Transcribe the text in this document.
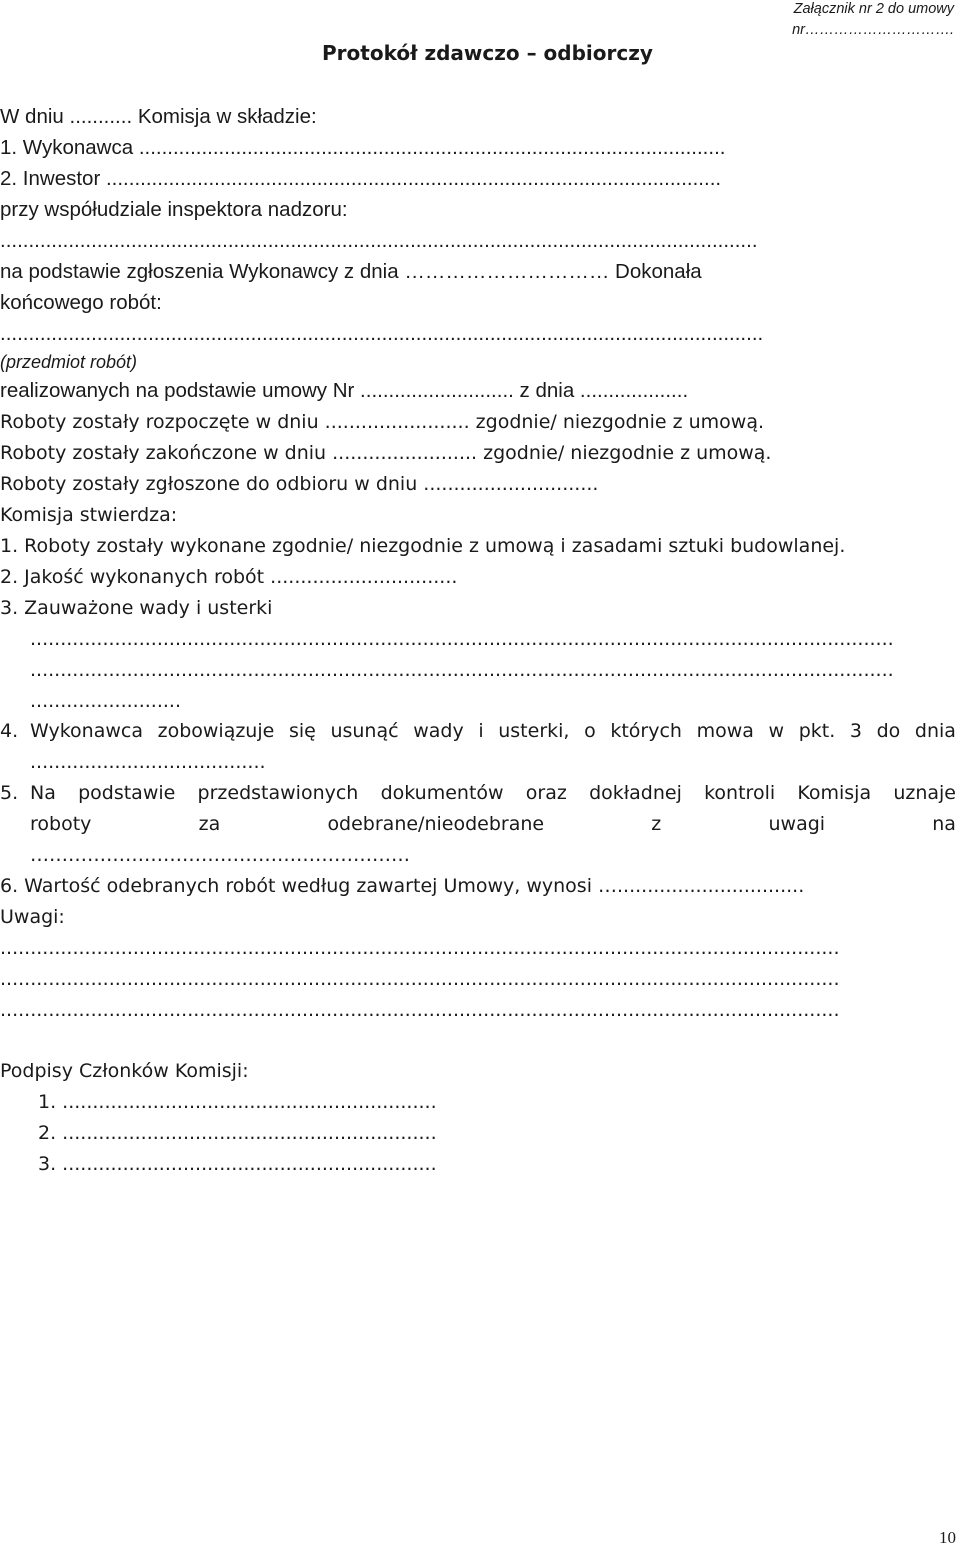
Załącznik nr 2 do umowy
nr………………………….
Protokół zdawczo – odbiorczy
W dniu ........... Komisja w składzie:
1. Wykonawca .......................................................................................................
2. Inwestor ............................................................................................................
przy współudziale inspektora nadzoru:
.....................................................................................................................................
na podstawie zgłoszenia Wykonawcy z dnia ………………………… Dokonała
końcowego robót:
......................................................................................................................................
(przedmiot robót)
realizowanych na podstawie umowy Nr ........................... z dnia ...................
Roboty zostały rozpoczęte w dniu ........................ zgodnie/ niezgodnie z umową.
Roboty zostały zakończone w dniu ........................ zgodnie/ niezgodnie z umową.
Roboty zostały zgłoszone do odbioru w dniu .............................
Komisja stwierdza:
1. Roboty zostały wykonane zgodnie/ niezgodnie z umową i zasadami sztuki budowlanej.
2. Jakość wykonanych robót ...............................
3. Zauważone wady i usterki
...............................................................................................................................................
...............................................................................................................................................
.........................
4. Wykonawca zobowiązuje się usunąć wady i usterki, o których mowa w pkt. 3 do dnia
.......................................
5. Na podstawie przedstawionych dokumentów oraz dokładnej kontroli Komisja uznaje
roboty	za	odebrane/nieodebrane	z	uwagi	na
……………………………………………………
6. Wartość odebranych robót według zawartej Umowy, wynosi …...............................
Uwagi:
...........................................................................................................................................
...........................................................................................................................................
...........................................................................................................................................
Podpisy Członków Komisji:
1. ..............................................................
2. ..............................................................
3. ..............................................................
10
